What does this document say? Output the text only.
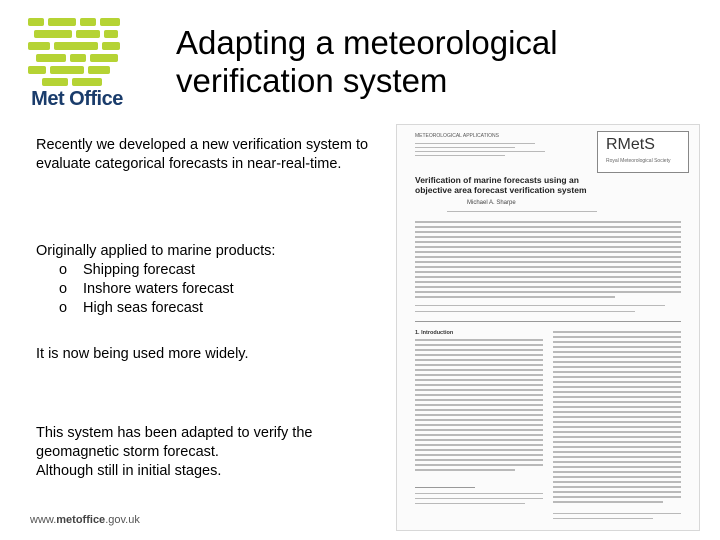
Met Office
Adapting a meteorological
verification system
Recently we developed a new verification system to evaluate categorical forecasts in near-real-time.
Originally applied to marine products:
o Shipping forecast
o Inshore waters forecast
o High seas forecast
It is now being used more widely.
This system has been adapted to verify the
geomagnetic storm forecast.
Although still in initial stages.
METEOROLOGICAL APPLICATIONS	RMetS
Royal Meteorological Society
Verification of marine forecasts using an objective area forecast verification system
Michael A. Sharpe
1. Introduction
www.metoffice.gov.uk
